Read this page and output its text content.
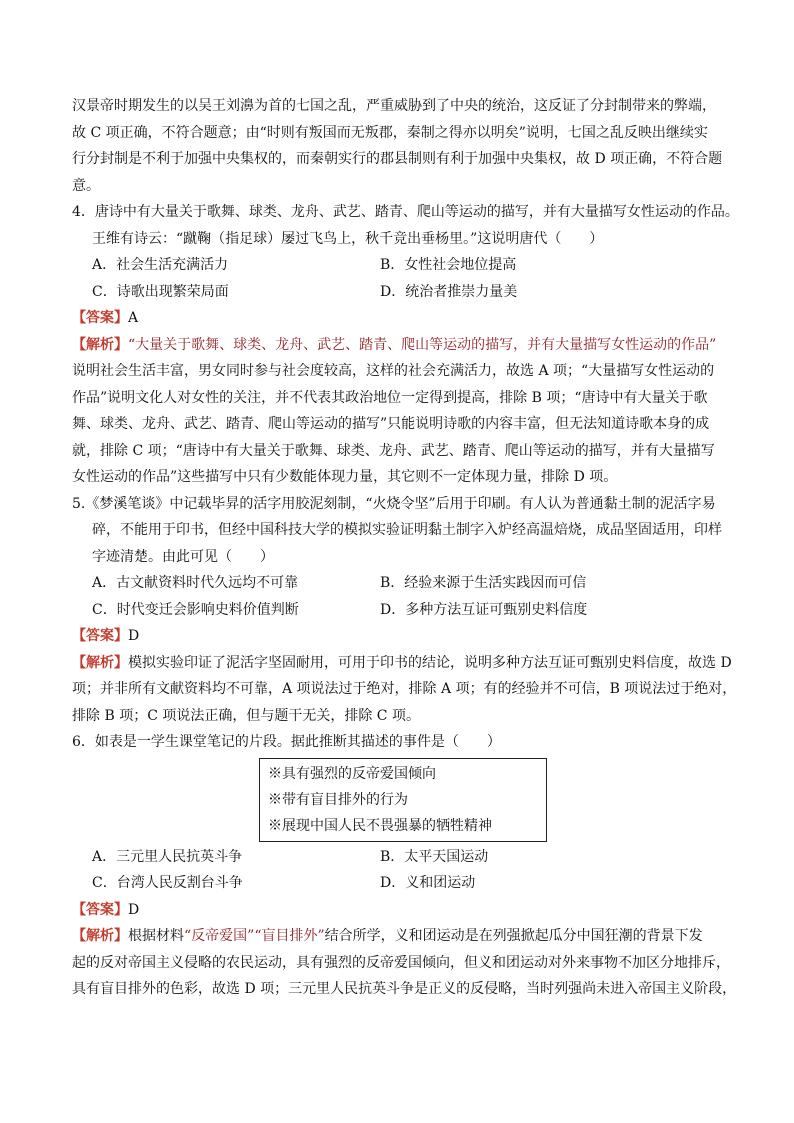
汉景帝时期发生的以吴王刘濞为首的七国之乱，严重威胁到了中央的统治，这反证了分封制带来的弊端，
故 C 项正确，不符合题意；由“时则有叛国而无叛郡，秦制之得亦以明矣”说明，七国之乱反映出继续实
行分封制是不利于加强中央集权的，而秦朝实行的郡县制则有利于加强中央集权，故 D 项正确，不符合题
意。
4．唐诗中有大量关于歌舞、球类、龙舟、武艺、踏青、爬山等运动的描写，并有大量描写女性运动的作品。
王维有诗云：“蹴鞠（指足球）屡过飞鸟上，秋千竞出垂杨里。”这说明唐代（　　）
A．社会生活充满活力	B．女性社会地位提高
C．诗歌出现繁荣局面	D．统治者推崇力量美
【答案】A
【解析】“大量关于歌舞、球类、龙舟、武艺、踏青、爬山等运动的描写，并有大量描写女性运动的作品”
说明社会生活丰富，男女同时参与社会度较高，这样的社会充满活力，故选 A 项；“大量描写女性运动的
作品”说明文化人对女性的关注，并不代表其政治地位一定得到提高，排除 B 项；“唐诗中有大量关于歌
舞、球类、龙舟、武艺、踏青、爬山等运动的描写”只能说明诗歌的内容丰富，但无法知道诗歌本身的成
就，排除 C 项；“唐诗中有大量关于歌舞、球类、龙舟、武艺、踏青、爬山等运动的描写，并有大量描写
女性运动的作品”这些描写中只有少数能体现力量，其它则不一定体现力量，排除 D 项。
5.《梦溪笔谈》中记载毕昇的活字用胶泥刻制，“火烧令坚”后用于印刷。有人认为普通黏土制的泥活字易
碎，不能用于印书，但经中国科技大学的模拟实验证明黏土制字入炉经高温焙烧，成品坚固适用，印样
字迹清楚。由此可见（　　）
A．古文献资料时代久远均不可靠	B．经验来源于生活实践因而可信
C．时代变迁会影响史料价值判断	D．多种方法互证可甄别史料信度
【答案】D
【解析】模拟实验印证了泥活字坚固耐用，可用于印书的结论，说明多种方法互证可甄别史料信度，故选 D
项；并非所有文献资料均不可靠，A 项说法过于绝对，排除 A 项；有的经验并不可信，B 项说法过于绝对，
排除 B 项；C 项说法正确，但与题干无关，排除 C 项。
6．如表是一学生课堂笔记的片段。据此推断其描述的事件是（　　）
※具有强烈的反帝爱国倾向
※带有盲目排外的行为
※展现中国人民不畏强暴的牺牲精神
A．三元里人民抗英斗争	B．太平天国运动
C．台湾人民反割台斗争	D．义和团运动
【答案】D
【解析】根据材料“反帝爱国”“盲目排外”结合所学，义和团运动是在列强掀起瓜分中国狂潮的背景下发
起的反对帝国主义侵略的农民运动，具有强烈的反帝爱国倾向，但义和团运动对外来事物不加区分地排斥，
具有盲目排外的色彩，故选 D 项；三元里人民抗英斗争是正义的反侵略，当时列强尚未进入帝国主义阶段，
